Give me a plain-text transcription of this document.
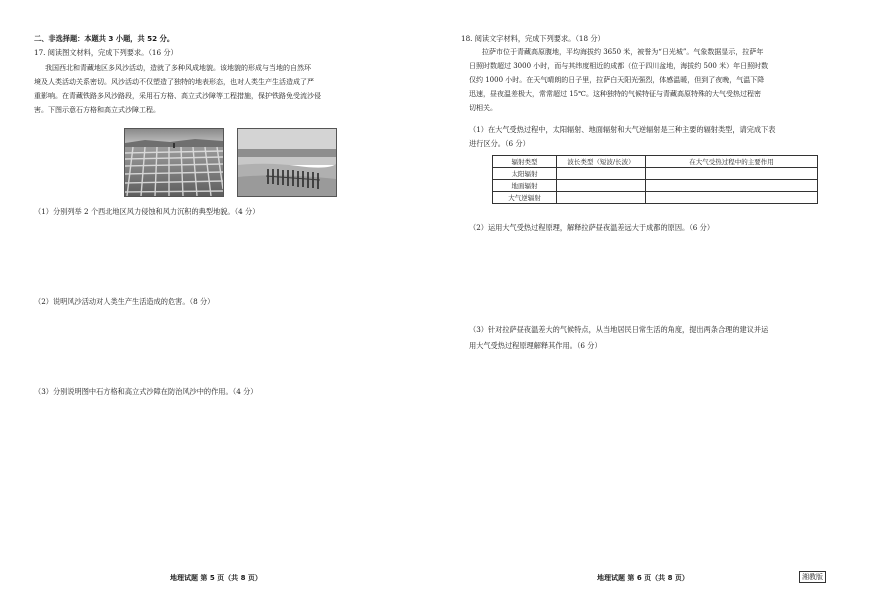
二、非选择题：本题共 3 小题，共 52 分。
17. 阅读图文材料，完成下列要求。（16 分）
我国西北和青藏地区多风沙活动，造就了多种风成地貌。该地貌的形成与当地的自然环
境及人类活动关系密切。风沙活动不仅塑造了独特的地表形态，也对人类生产生活造成了严
重影响。在青藏铁路多风沙路段，采用石方格、高立式沙障等工程措施，保护铁路免受流沙侵
害。下图示意石方格和高立式沙障工程。
（1）分别列举 2 个西北地区风力侵蚀和风力沉积的典型地貌。（4 分）
（2）说明风沙活动对人类生产生活造成的危害。（8 分）
（3）分别说明图中石方格和高立式沙障在防治风沙中的作用。（4 分）
地理试题 第 5 页（共 8 页）
18. 阅读文字材料，完成下列要求。（18 分）
拉萨市位于青藏高原腹地，平均海拔约 3650 米，被誉为“日光城”。气象数据显示，拉萨年
日照时数超过 3000 小时，而与其纬度相近的成都（位于四川盆地，海拔约 500 米）年日照时数
仅约 1000 小时。在天气晴朗的日子里，拉萨白天阳光强烈，体感温暖，但到了夜晚，气温下降
迅速，昼夜温差极大，常常超过 15℃。这种独特的气候特征与青藏高原特殊的大气受热过程密
切相关。
（1）在大气受热过程中，太阳辐射、地面辐射和大气逆辐射是三种主要的辐射类型，请完成下表
进行区分。（6 分）
辐射类型	波长类型（短波/长波）	在大气受热过程中的主要作用
太阳辐射		
地面辐射		
大气逆辐射		
（2）运用大气受热过程原理，解释拉萨昼夜温差远大于成都的原因。（6 分）
（3）针对拉萨昼夜温差大的气候特点，从当地居民日常生活的角度，提出两条合理的建议并运
用大气受热过程原理解释其作用。（6 分）
地理试题 第 6 页（共 8 页）	湘教版
